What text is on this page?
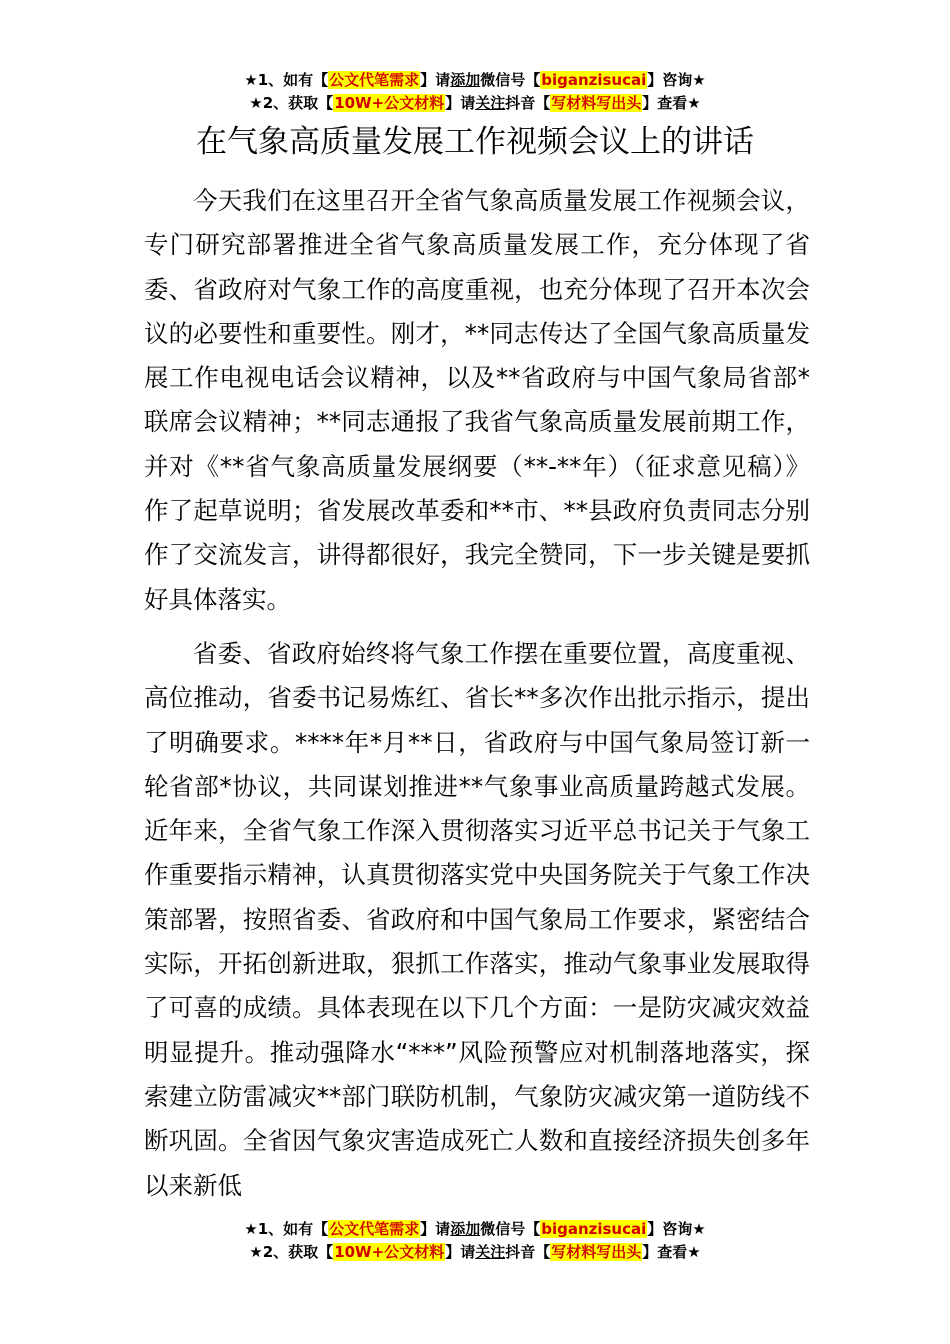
★1、如有【公文代笔需求】请添加微信号【biganzisucai】咨询★
★2、获取【10W+公文材料】请关注抖音【写材料写出头】查看★
在气象高质量发展工作视频会议上的讲话

今天我们在这里召开全省气象高质量发展工作视频会议，专门研究部署推进全省气象高质量发展工作，充分体现了省委、省政府对气象工作的高度重视，也充分体现了召开本次会议的必要性和重要性。刚才，**同志传达了全国气象高质量发展工作电视电话会议精神，以及**省政府与中国气象局省部*联席会议精神；**同志通报了我省气象高质量发展前期工作，并对《**省气象高质量发展纲要（**-**年）（征求意见稿）》作了起草说明；省发展改革委和**市、**县政府负责同志分别作了交流发言，讲得都很好，我完全赞同，下一步关键是要抓好具体落实。

省委、省政府始终将气象工作摆在重要位置，高度重视、高位推动，省委书记易炼红、省长**多次作出批示指示，提出了明确要求。****年*月**日，省政府与中国气象局签订新一轮省部*协议，共同谋划推进**气象事业高质量跨越式发展。近年来，全省气象工作深入贯彻落实习近平总书记关于气象工作重要指示精神，认真贯彻落实党中央国务院关于气象工作决策部署，按照省委、省政府和中国气象局工作要求，紧密结合实际，开拓创新进取，狠抓工作落实，推动气象事业发展取得了可喜的成绩。具体表现在以下几个方面：一是防灾减灾效益明显提升。推动强降水“***”风险预警应对机制落地落实，探索建立防雷减灾**部门联防机制，气象防灾减灾第一道防线不断巩固。全省因气象灾害造成死亡人数和直接经济损失创多年以来新低

★1、如有【公文代笔需求】请添加微信号【biganzisucai】咨询★
★2、获取【10W+公文材料】请关注抖音【写材料写出头】查看★
